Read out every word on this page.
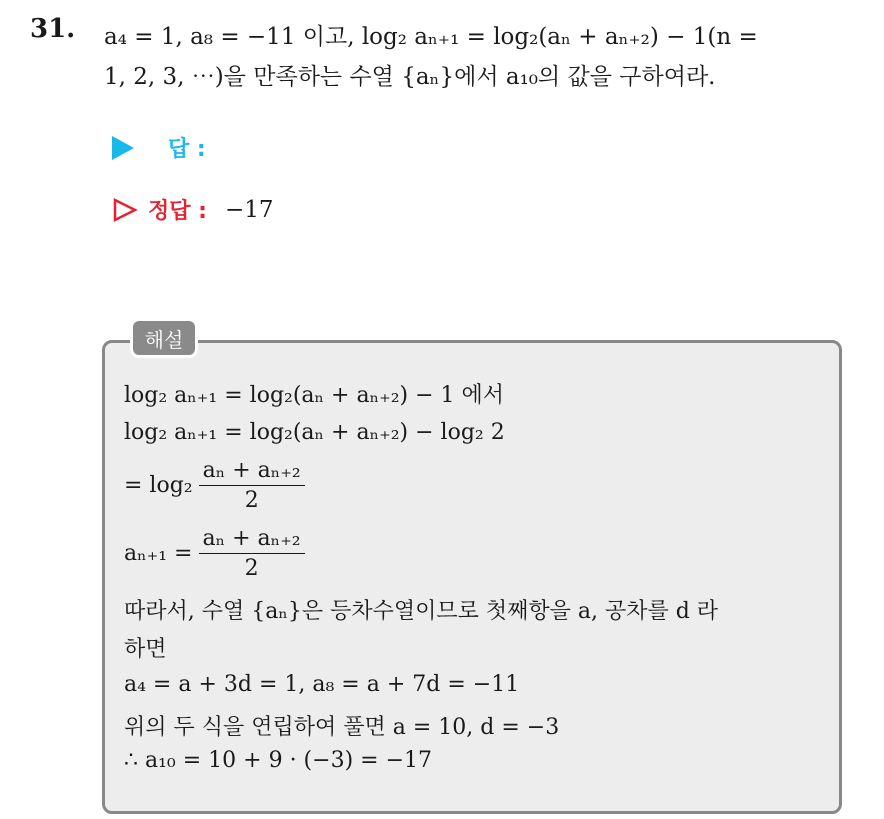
31. a₄ = 1, a₈ = −11 이고, log₂ aₙ₊₁ = log₂(aₙ + aₙ₊₂) − 1(n =
1, 2, 3, ⋯)을 만족하는 수열 {aₙ}에서 a₁₀의 값을 구하여라.
답 :
정답 : −17
해설
log₂ aₙ₊₁ = log₂(aₙ + aₙ₊₂) − 1 에서
log₂ aₙ₊₁ = log₂(aₙ + aₙ₊₂) − log₂ 2
= $\log_2 \frac{\text{aₙ + aₙ₊₂}}{2}$
$a_{n+1} = \frac{\text{aₙ + aₙ₊₂}}{2}$
따라서, 수열 {aₙ}은 등차수열이므로 첫째항을 a, 공차를 d 라
하면
a₄ = a + 3d = 1, a₈ = a + 7d = −11
위의 두 식을 연립하여 풀면 a = 10, d = −3
∴ a₁₀ = 10 + 9 · (−3) = −17
